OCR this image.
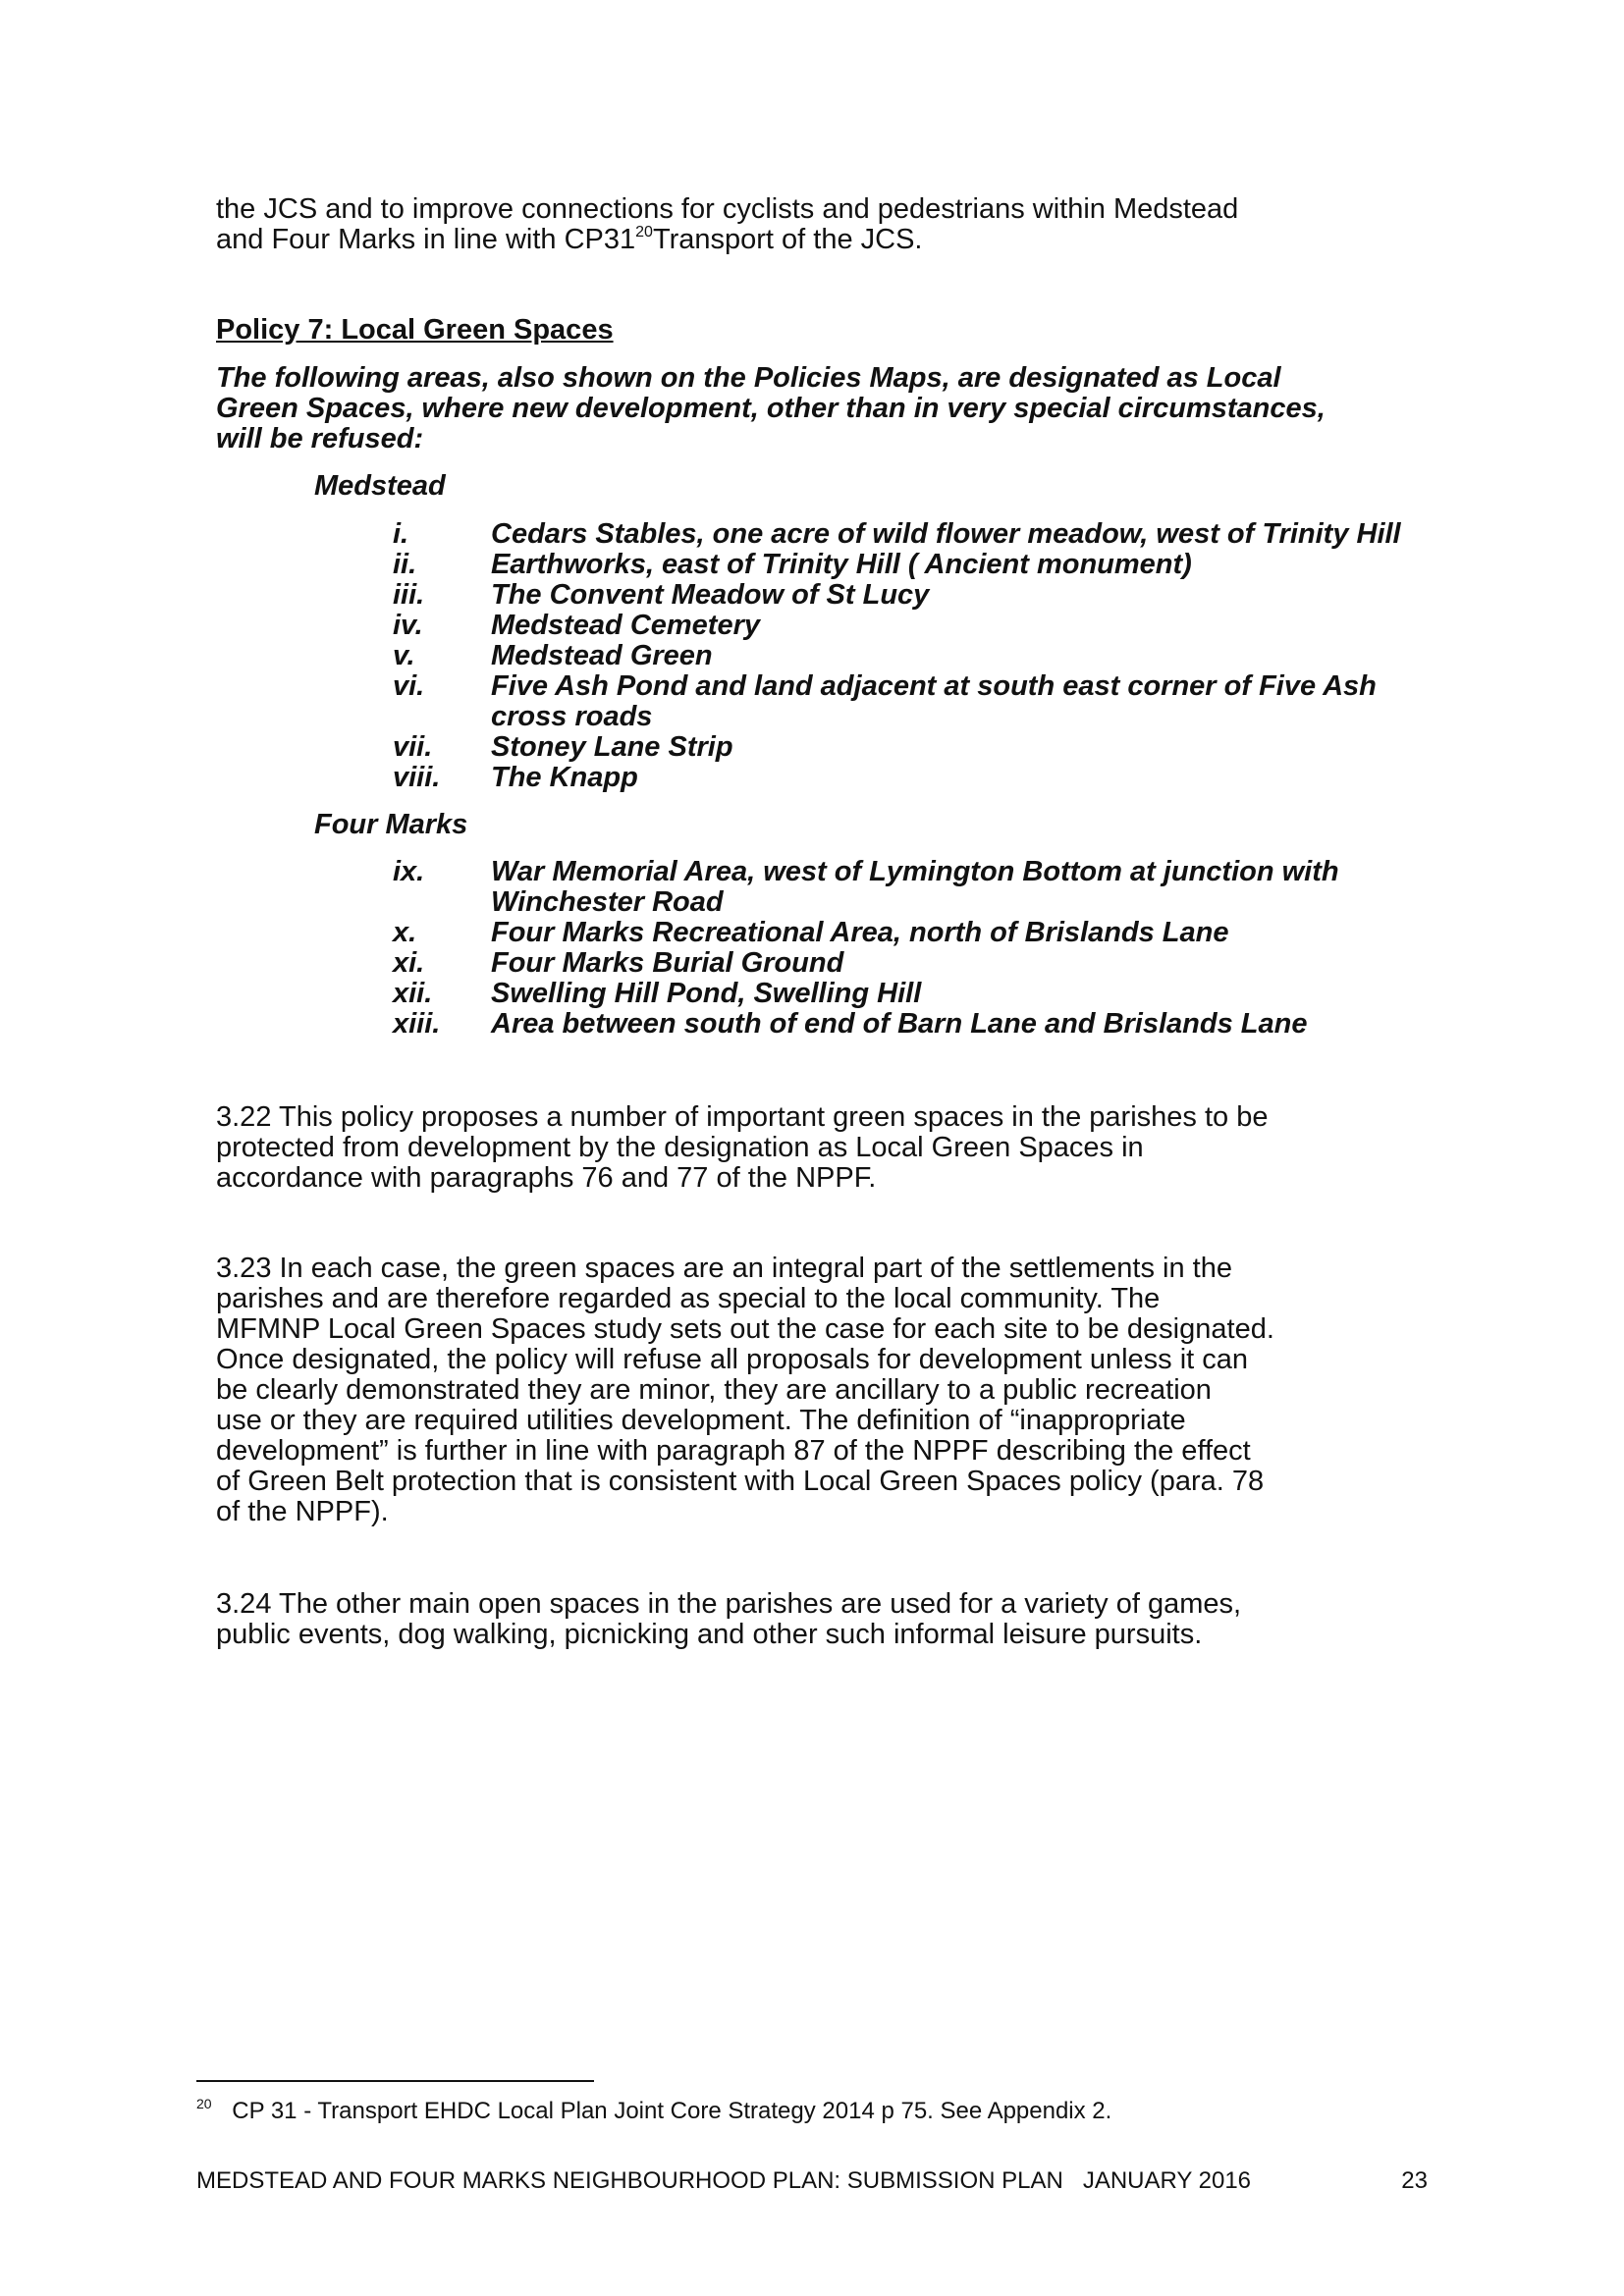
the JCS and to improve connections for cyclists and pedestrians within Medstead

and Four Marks in line with $CP31^{20}Transport$ of the JCS.

Policy 7: Local Green Spaces

The following areas, also shown on the Policies Maps, are designated as Local

Green Spaces, where new development, other than in very special circumstances,

will be refused:

Medstead

i.	Cedars Stables, one acre of wild flower meadow, west of Trinity Hill
ii.	Earthworks, east of Trinity Hill ( Ancient monument)
iii.	The Convent Meadow of St Lucy
iv.	Medstead Cemetery
v.	Medstead Green
vi.	Five Ash Pond and land adjacent at south east corner of Five Ash cross roads
vii.	Stoney Lane Strip
viii.	The Knapp

Four Marks

ix.	War Memorial Area, west of Lymington Bottom at junction with Winchester Road
x.	Four Marks Recreational Area, north of Brislands Lane
xi.	Four Marks Burial Ground
xii.	Swelling Hill Pond, Swelling Hill
xiii.	Area between south of end of Barn Lane and Brislands Lane

3.22 This policy proposes a number of important green spaces in the parishes to be

protected from development by the designation as Local Green Spaces in

accordance with paragraphs 76 and 77 of the NPPF.

3.23 In each case, the green spaces are an integral part of the settlements in the

parishes and are therefore regarded as special to the local community. The

MFMNP Local Green Spaces study sets out the case for each site to be designated.

Once designated, the policy will refuse all proposals for development unless it can

be clearly demonstrated they are minor, they are ancillary to a public recreation

use or they are required utilities development. The definition of “inappropriate

development” is further in line with paragraph 87 of the NPPF describing the effect

of Green Belt protection that is consistent with Local Green Spaces policy (para. 78

of the NPPF).

3.24 The other main open spaces in the parishes are used for a variety of games,

public events, dog walking, picnicking and other such informal leisure pursuits.

$^{20}$ CP 31 - Transport EHDC Local Plan Joint Core Strategy 2014 p 75. See Appendix 2.
MEDSTEAD AND FOUR MARKS NEIGHBOURHOOD PLAN: SUBMISSION PLAN   JANUARY 2016	23
